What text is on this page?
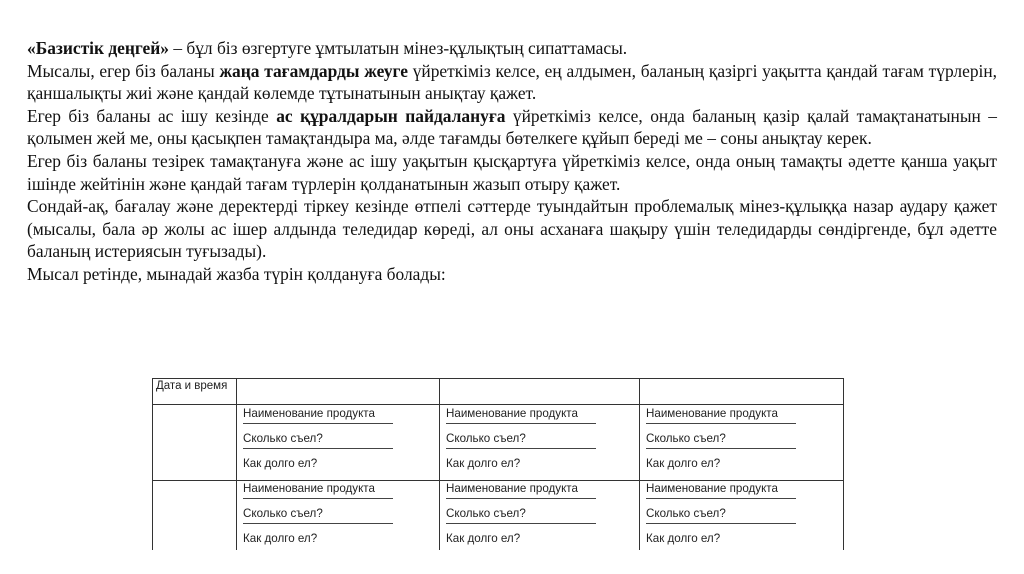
«Базистік деңгей» – бұл біз өзгертуге ұмтылатын мінез-құлықтың сипаттамасы.

Мысалы, егер біз баланы жаңа тағамдарды жеуге үйреткіміз келсе, ең алдымен, баланың қазіргі уақытта қандай тағам түрлерін, қаншалықты жиі және қандай көлемде тұтынатынын анықтау қажет.

Егер біз баланы ас ішу кезінде ас құралдарын пайдалануға үйреткіміз келсе, онда баланың қазір қалай тамақтанатынын – қолымен жей ме, оны қасықпен тамақтандыра ма, әлде тағамды бөтелкеге құйып береді ме – соны анықтау керек.

Егер біз баланы тезірек тамақтануға және ас ішу уақытын қысқартуға үйреткіміз келсе, онда оның тамақты әдетте қанша уақыт ішінде жейтінін және қандай тағам түрлерін қолданатынын жазып отыру қажет.

Сондай-ақ, бағалау және деректерді тіркеу кезінде өтпелі сәттерде туындайтын проблемалық мінез-құлыққа назар аудару қажет (мысалы, бала әр жолы ас ішер алдында теледидар көреді, ал оны асханаға шақыру үшін теледидарды сөндіргенде, бұл әдетте баланың истериясын туғызады).

Мысал ретінде, мынадай жазба түрін қолдануға болады:

Дата и время
Наименование продукта
Сколько съел?
Как долго ел?
Наименование продукта
Сколько съел?
Как долго ел?
Наименование продукта
Сколько съел?
Как долго ел?
Наименование продукта
Сколько съел?
Как долго ел?
Наименование продукта
Сколько съел?
Как долго ел?
Наименование продукта
Сколько съел?
Как долго ел?
